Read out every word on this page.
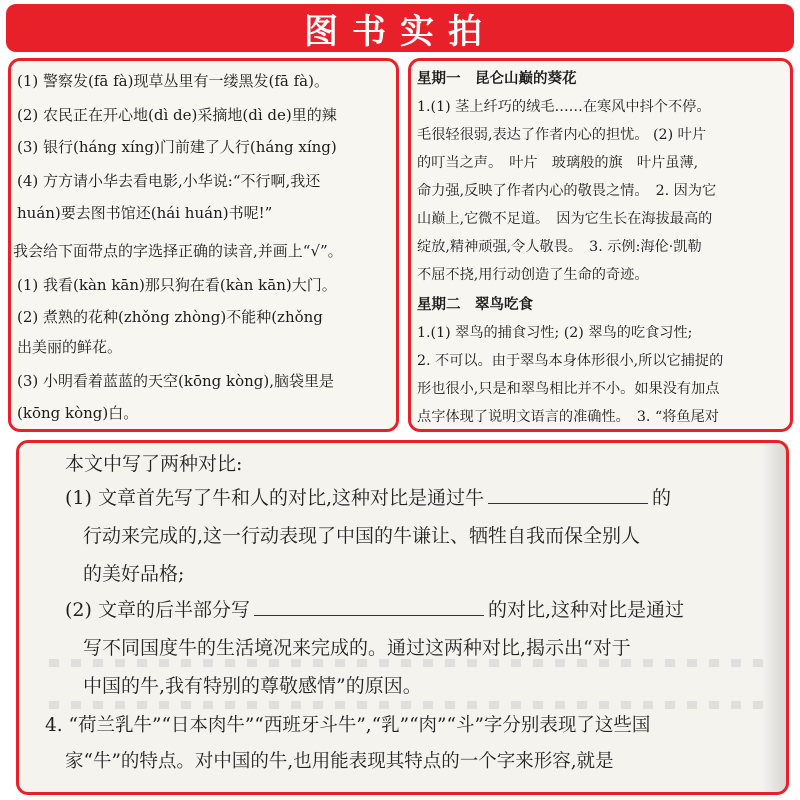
图书实拍
(1) 警察发(fā fà)现草丛里有一缕黑发(fā fà)。
(2) 农民正在开心地(dì de)采摘地(dì de)里的辣
(3) 银行(háng xíng)门前建了人行(háng xíng)
(4) 方方请小华去看电影,小华说:“不行啊,我还
huán)要去图书馆还(hái huán)书呢!”
我会给下面带点的字选择正确的读音,并画上“√”。
(1) 我看(kàn kān)那只狗在看(kàn kān)大门。
(2) 煮熟的花种(zhǒng zhòng)不能种(zhǒng
出美丽的鲜花。
(3) 小明看着蓝蓝的天空(kōng kòng),脑袋里是
(kōng kòng)白。
星期一　昆仑山巅的葵花
1.(1) 茎上纤巧的绒毛……在寒风中抖个不停。
毛很轻很弱,表达了作者内心的担忧。 (2) 叶片
的叮当之声。　叶片　玻璃般的旗　叶片虽薄,
命力强,反映了作者内心的敬畏之情。　2. 因为它
山巅上,它微不足道。　因为它生长在海拔最高的
绽放,精神顽强,令人敬畏。　3. 示例:海伦·凯勒
不屈不挠,用行动创造了生命的奇迹。
星期二　翠鸟吃食
1.(1) 翠鸟的捕食习性; (2) 翠鸟的吃食习性;
2. 不可以。由于翠鸟本身体形很小,所以它捕捉的
形也很小,只是和翠鸟相比并不小。如果没有加点
点字体现了说明文语言的准确性。　3. “将鱼尾对
本文中写了两种对比:
(1) 文章首先写了牛和人的对比,这种对比是通过牛	的
行动来完成的,这一行动表现了中国的牛谦让、牺牲自我而保全别人
的美好品格;
(2) 文章的后半部分写	的对比,这种对比是通过
写不同国度牛的生活境况来完成的。通过这两种对比,揭示出“对于
中国的牛,我有特别的尊敬感情”的原因。
4. “荷兰乳牛”“日本肉牛”“西班牙斗牛”,“乳”“肉”“斗”字分别表现了这些国
家“牛”的特点。对中国的牛,也用能表现其特点的一个字来形容,就是
